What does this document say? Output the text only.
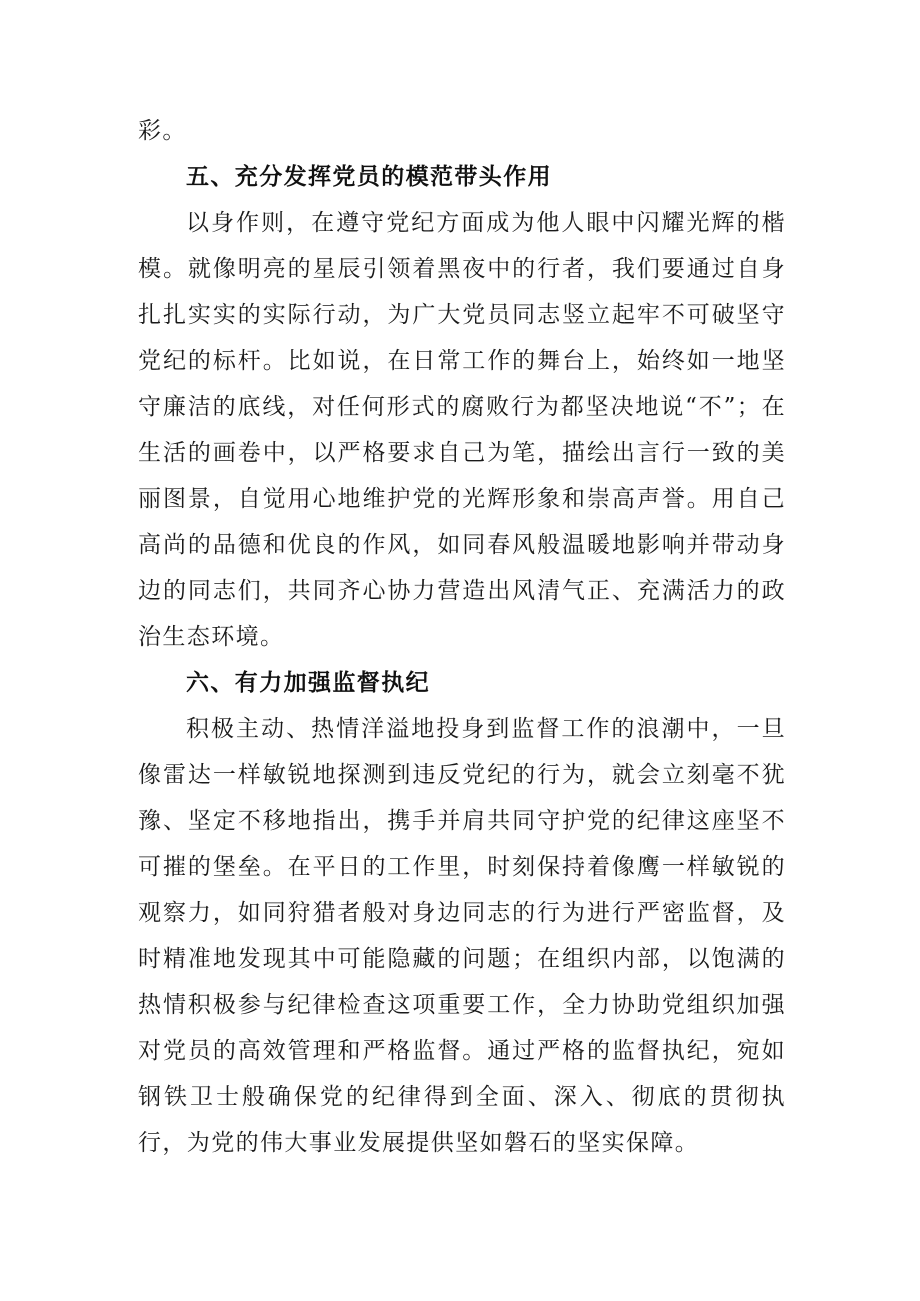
彩。

五、充分发挥党员的模范带头作用

以身作则，在遵守党纪方面成为他人眼中闪耀光辉的楷模。就像明亮的星辰引领着黑夜中的行者，我们要通过自身扎扎实实的实际行动，为广大党员同志竖立起牢不可破坚守党纪的标杆。比如说，在日常工作的舞台上，始终如一地坚守廉洁的底线，对任何形式的腐败行为都坚决地说“不”；在生活的画卷中，以严格要求自己为笔，描绘出言行一致的美丽图景，自觉用心地维护党的光辉形象和崇高声誉。用自己高尚的品德和优良的作风，如同春风般温暖地影响并带动身边的同志们，共同齐心协力营造出风清气正、充满活力的政治生态环境。

六、有力加强监督执纪

积极主动、热情洋溢地投身到监督工作的浪潮中，一旦像雷达一样敏锐地探测到违反党纪的行为，就会立刻毫不犹豫、坚定不移地指出，携手并肩共同守护党的纪律这座坚不可摧的堡垒。在平日的工作里，时刻保持着像鹰一样敏锐的观察力，如同狩猎者般对身边同志的行为进行严密监督，及时精准地发现其中可能隐藏的问题；在组织内部，以饱满的热情积极参与纪律检查这项重要工作，全力协助党组织加强对党员的高效管理和严格监督。通过严格的监督执纪，宛如钢铁卫士般确保党的纪律得到全面、深入、彻底的贯彻执行，为党的伟大事业发展提供坚如磐石的坚实保障。
